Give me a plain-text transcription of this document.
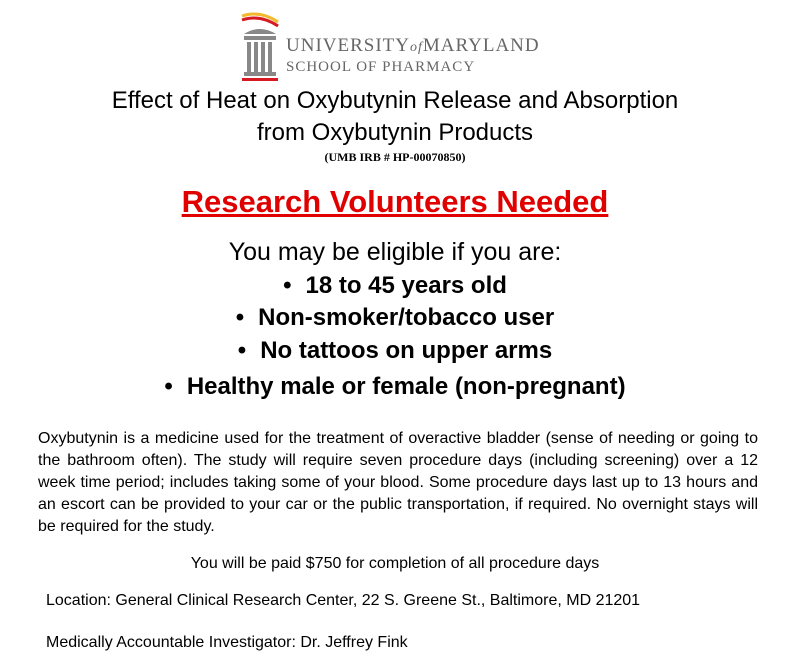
UNIVERSITYofMARYLAND
SCHOOL OF PHARMACY
Effect of Heat on Oxybutynin Release and Absorption
from Oxybutynin Products
(UMB IRB # HP-00070850)
Research Volunteers Needed
You may be eligible if you are:
• 18 to 45 years old
• Non-smoker/tobacco user
• No tattoos on upper arms
• Healthy male or female (non-pregnant)
Oxybutynin is a medicine used for the treatment of overactive bladder (sense of needing or going to the bathroom often). The study will require seven procedure days (including screening) over a 12 week time period; includes taking some of your blood. Some procedure days last up to 13 hours and an escort can be provided to your car or the public transportation, if required. No overnight stays will be required for the study.
You will be paid $750 for completion of all procedure days
Location: General Clinical Research Center, 22 S. Greene St., Baltimore, MD 21201
Medically Accountable Investigator: Dr. Jeffrey Fink
